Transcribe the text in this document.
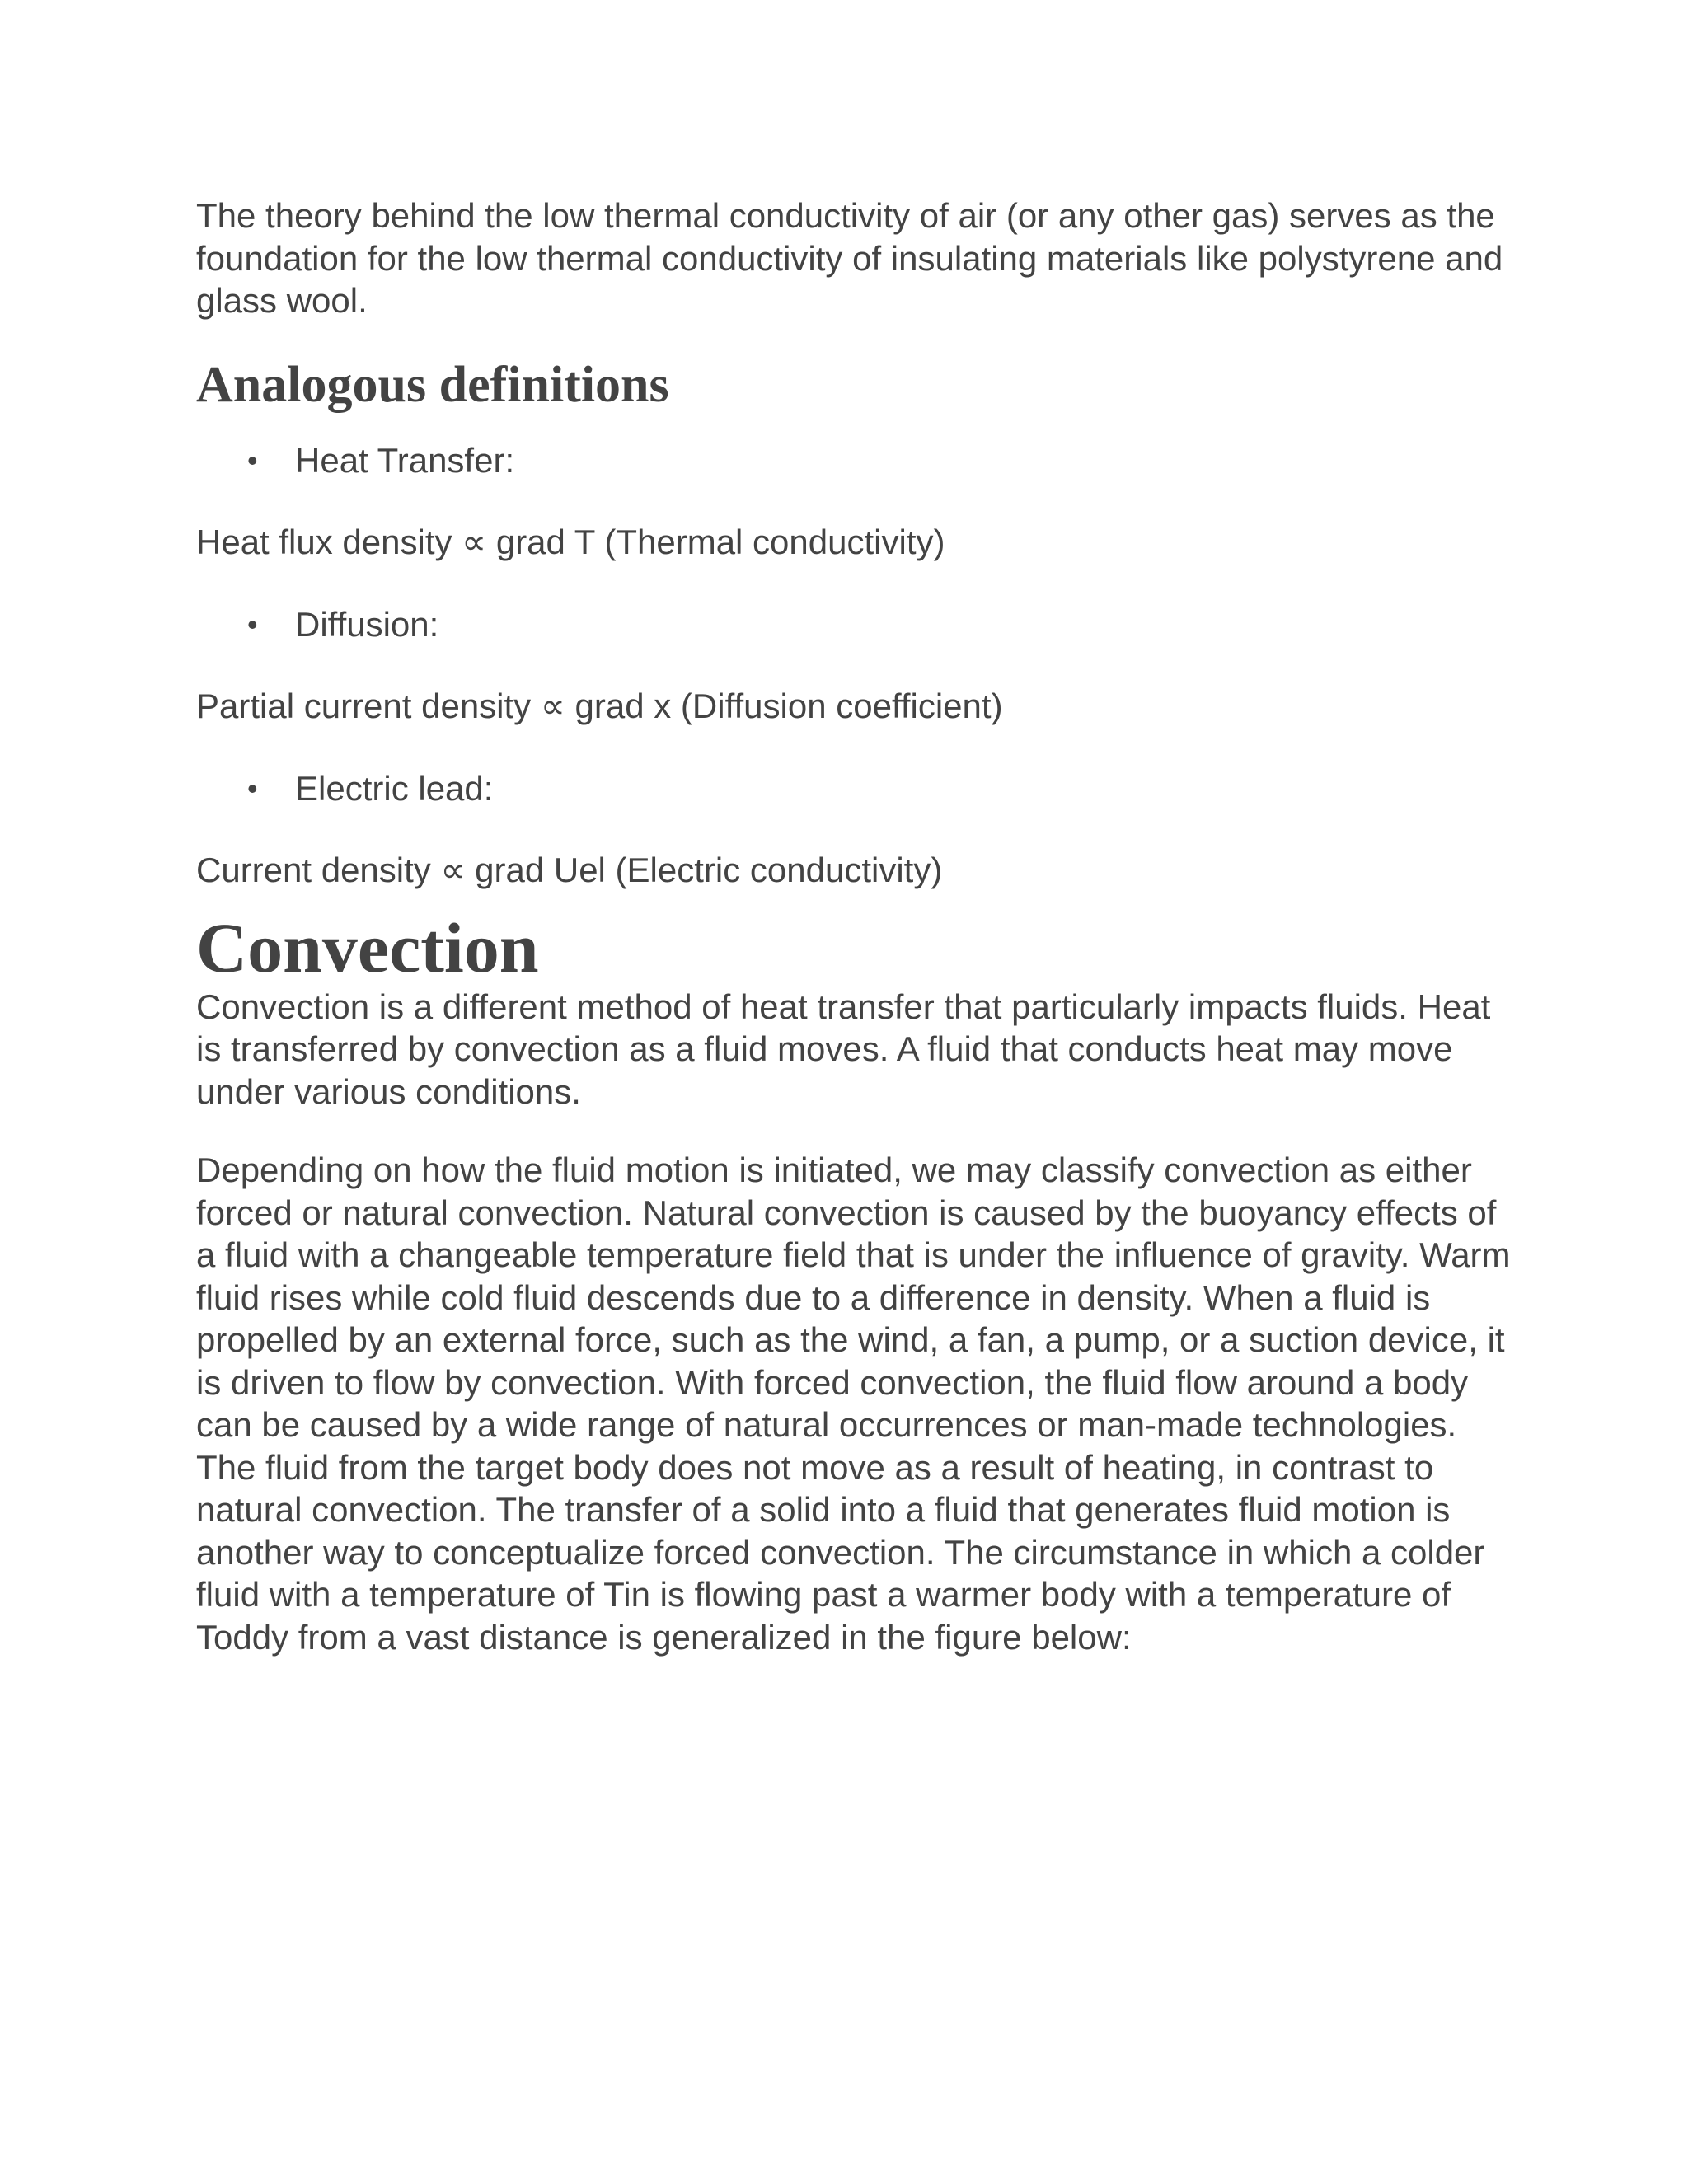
The theory behind the low thermal conductivity of air (or any other gas) serves as the foundation for the low thermal conductivity of insulating materials like polystyrene and glass wool.

Analogous definitions
• Heat Transfer:

Heat flux density ∝ grad T (Thermal conductivity)

• Diffusion:

Partial current density ∝ grad x (Diffusion coefficient)

• Electric lead:

Current density ∝ grad Uel (Electric conductivity)

Convection

Convection is a different method of heat transfer that particularly impacts fluids. Heat is transferred by convection as a fluid moves. A fluid that conducts heat may move under various conditions.

Depending on how the fluid motion is initiated, we may classify convection as either forced or natural convection. Natural convection is caused by the buoyancy effects of a fluid with a changeable temperature field that is under the influence of gravity. Warm fluid rises while cold fluid descends due to a difference in density. When a fluid is propelled by an external force, such as the wind, a fan, a pump, or a suction device, it is driven to flow by convection. With forced convection, the fluid flow around a body can be caused by a wide range of natural occurrences or man-made technologies. The fluid from the target body does not move as a result of heating, in contrast to natural convection. The transfer of a solid into a fluid that generates fluid motion is another way to conceptualize forced convection. The circumstance in which a colder fluid with a temperature of Tin is flowing past a warmer body with a temperature of Toddy from a vast distance is generalized in the figure below:
